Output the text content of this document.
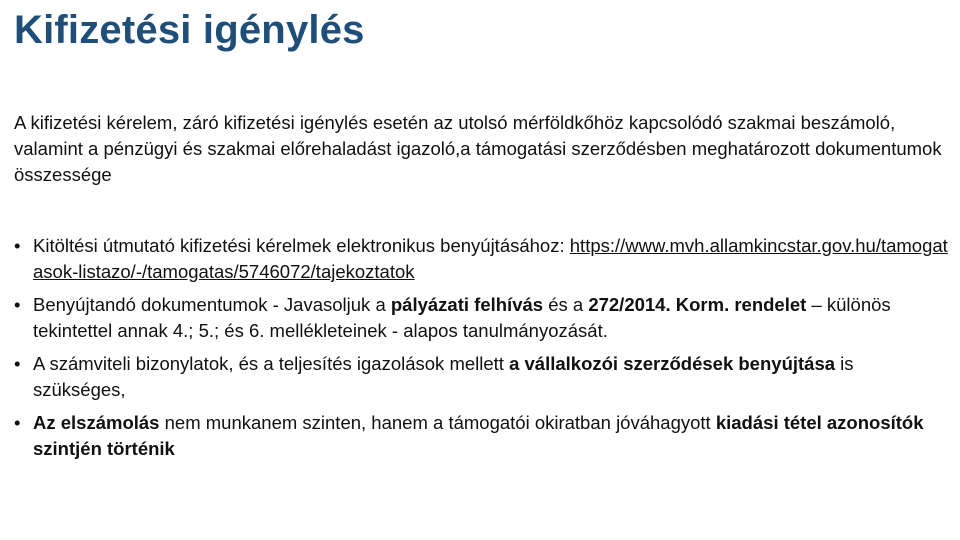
Kifizetési igénylés
A kifizetési kérelem, záró kifizetési igénylés esetén az utolsó mérföldkőhöz kapcsolódó szakmai beszámoló, valamint a pénzügyi és szakmai előrehaladást igazoló,a támogatási szerződésben meghatározott dokumentumok összessége
• Kitöltési útmutató kifizetési kérelmek elektronikus benyújtásához: https://www.mvh.allamkincstar.gov.hu/tamogatasok-listazo/-/tamogatas/5746072/tajekoztatok
• Benyújtandó dokumentumok - Javasoljuk a pályázati felhívás és a 272/2014. Korm. rendelet – különös tekintettel annak 4.; 5.; és 6. mellékleteinek - alapos tanulmányozását.
• A számviteli bizonylatok, és a teljesítés igazolások mellett a vállalkozói szerződések benyújtása is szükséges,
• Az elszámolás nem munkanem szinten, hanem a támogatói okiratban jóváhagyott kiadási tétel azonosítók szintjén történik
